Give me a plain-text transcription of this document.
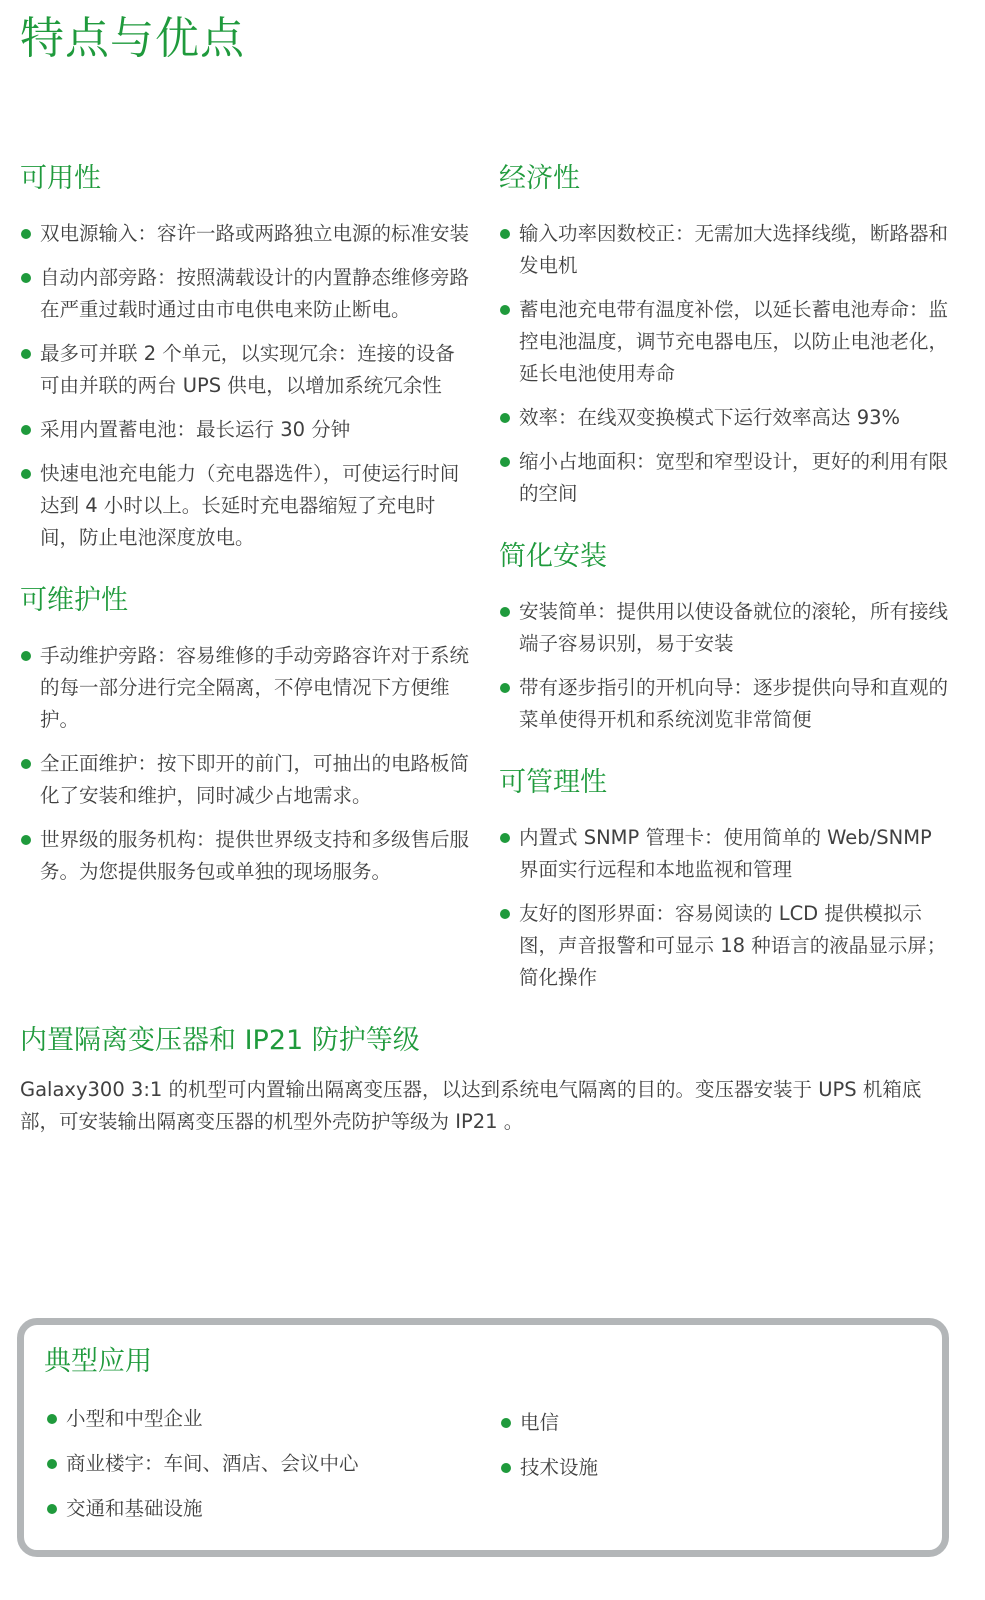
特点与优点
可用性
双电源输入：容许一路或两路独立电源的标准安装
自动内部旁路：按照满载设计的内置静态维修旁路在严重过载时通过由市电供电来防止断电。
最多可并联 2 个单元，以实现冗余：连接的设备可由并联的两台 UPS 供电，以增加系统冗余性
采用内置蓄电池：最长运行 30 分钟
快速电池充电能力（充电器选件），可使运行时间达到 4 小时以上。长延时充电器缩短了充电时间，防止电池深度放电。
可维护性
手动维护旁路：容易维修的手动旁路容许对于系统的每一部分进行完全隔离，不停电情况下方便维护。
全正面维护：按下即开的前门，可抽出的电路板简化了安装和维护，同时减少占地需求。
世界级的服务机构：提供世界级支持和多级售后服务。为您提供服务包或单独的现场服务。
经济性
输入功率因数校正：无需加大选择线缆，断路器和发电机
蓄电池充电带有温度补偿，以延长蓄电池寿命：监控电池温度，调节充电器电压，以防止电池老化，延长电池使用寿命
效率：在线双变换模式下运行效率高达 93%
缩小占地面积：宽型和窄型设计，更好的利用有限的空间
简化安装
安装简单：提供用以使设备就位的滚轮，所有接线端子容易识别，易于安装
带有逐步指引的开机向导：逐步提供向导和直观的菜单使得开机和系统浏览非常简便
可管理性
内置式 SNMP 管理卡：使用简单的 Web/SNMP 界面实行远程和本地监视和管理
友好的图形界面：容易阅读的 LCD 提供模拟示图，声音报警和可显示 18 种语言的液晶显示屏；简化操作
内置隔离变压器和 IP21 防护等级

Galaxy300 3:1 的机型可内置输出隔离变压器，以达到系统电气隔离的目的。变压器安装于 UPS 机箱底部，可安装输出隔离变压器的机型外壳防护等级为 IP21 。

典型应用
小型和中型企业
商业楼宇：车间、酒店、会议中心
交通和基础设施
电信
技术设施
